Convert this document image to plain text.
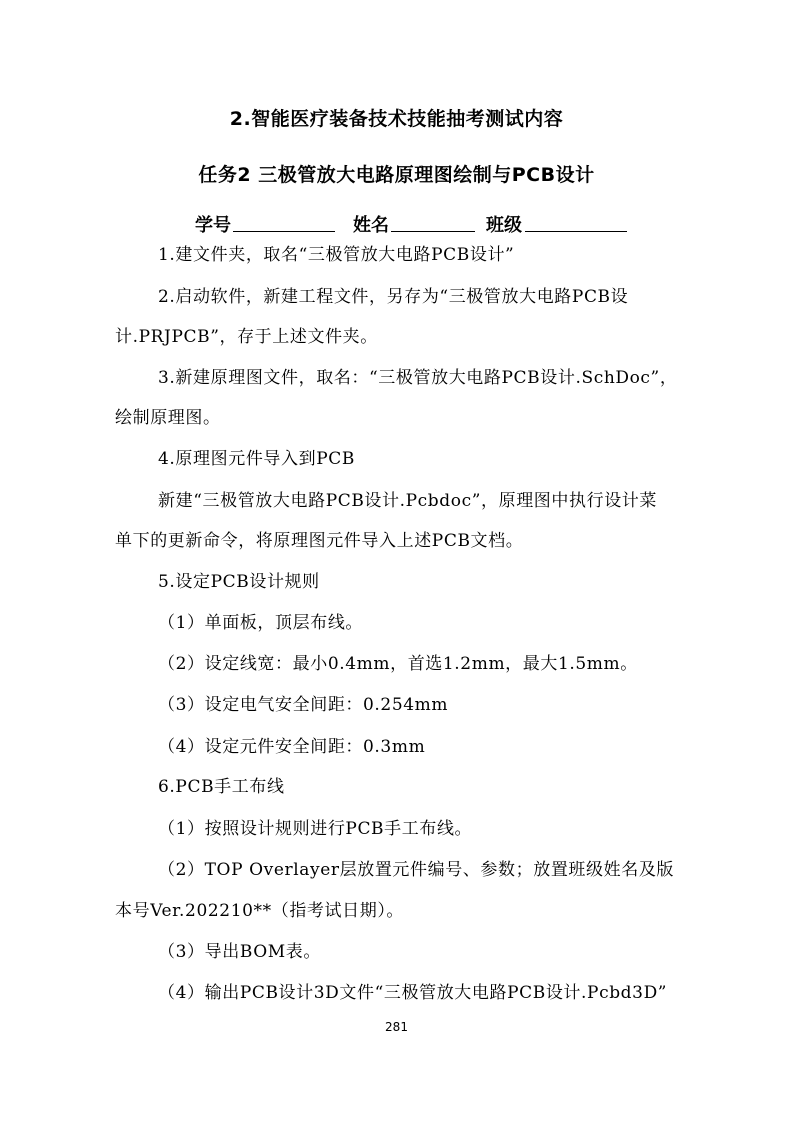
2.智能医疗装备技术技能抽考测试内容
任务2 三极管放大电路原理图绘制与PCB设计
学号	姓名	班级
1.建文件夹，取名“三极管放大电路PCB设计”
2.启动软件，新建工程文件，另存为“三极管放大电路PCB设
计.PRJPCB”，存于上述文件夹。
3.新建原理图文件，取名：“三极管放大电路PCB设计.SchDoc”，
绘制原理图。
4.原理图元件导入到PCB
新建“三极管放大电路PCB设计.Pcbdoc”，原理图中执行设计菜
单下的更新命令，将原理图元件导入上述PCB文档。
5.设定PCB设计规则
（1）单面板，顶层布线。
（2）设定线宽：最小0.4mm，首选1.2mm，最大1.5mm。
（3）设定电气安全间距：0.254mm
（4）设定元件安全间距：0.3mm
6.PCB手工布线
（1）按照设计规则进行PCB手工布线。
（2）TOP Overlayer层放置元件编号、参数；放置班级姓名及版
本号Ver.202210**（指考试日期）。
（3）导出BOM表。
（4）输出PCB设计3D文件“三极管放大电路PCB设计.Pcbd3D”
281
